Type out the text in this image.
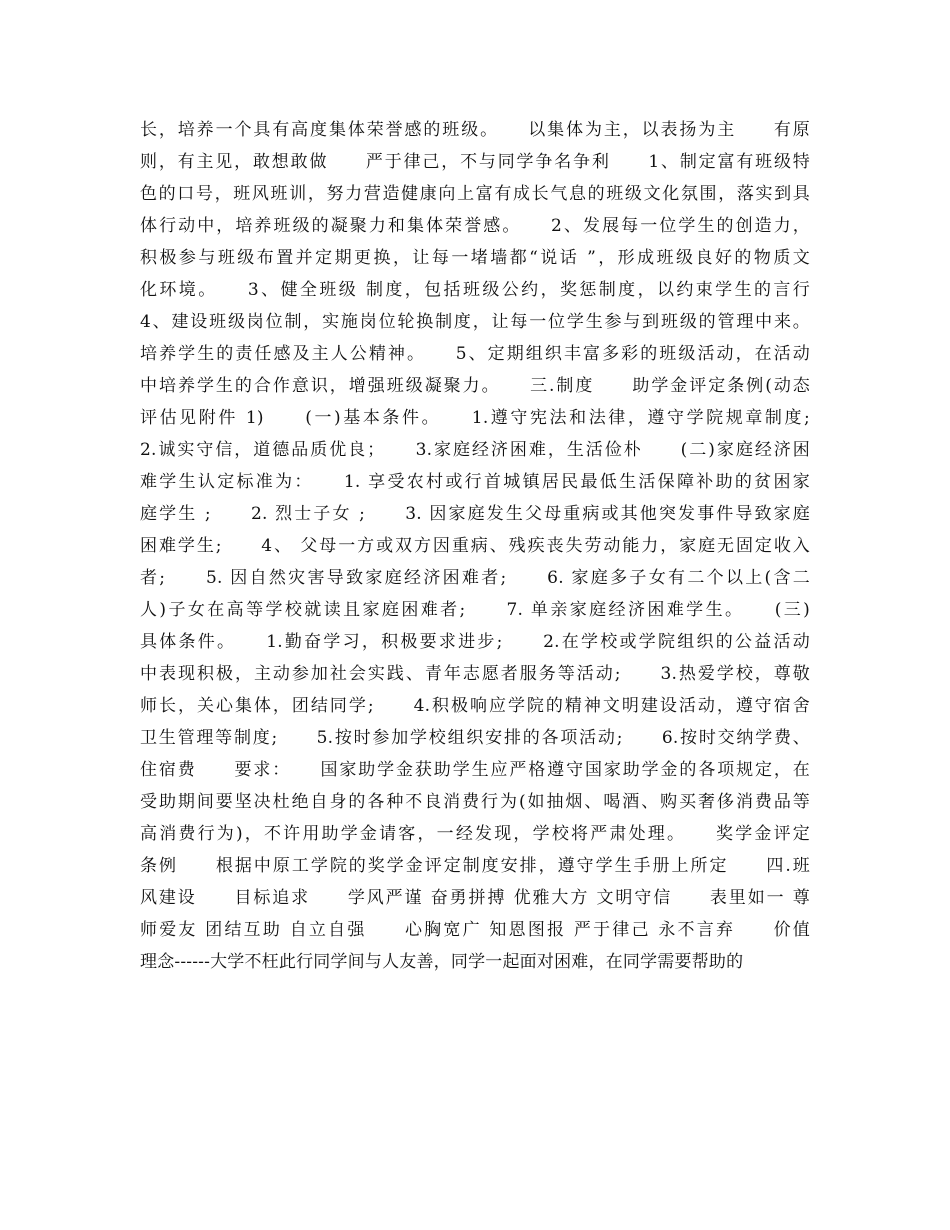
长，培养一个具有高度集体荣誉感的班级。　　以集体为主，以表扬为主　　有原
则，有主见，敢想敢做　　严于律己，不与同学争名争利　　1、制定富有班级特
色的口号，班风班训，努力营造健康向上富有成长气息的班级文化氛围，落实到具
体行动中，培养班级的凝聚力和集体荣誉感。　　2、发展每一位学生的创造力，
积极参与班级布置并定期更换，让每一堵墙都“说话 ”，形成班级良好的物质文
化环境。　　3、健全班级 制度，包括班级公约，奖惩制度，以约束学生的言行
4、建设班级岗位制，实施岗位轮换制度，让每一位学生参与到班级的管理中来。
培养学生的责任感及主人公精神。　　5、定期组织丰富多彩的班级活动，在活动
中培养学生的合作意识，增强班级凝聚力。　　三.制度　　助学金评定条例(动态
评估见附件 1)　　(一)基本条件。　　1.遵守宪法和法律，遵守学院规章制度;
2.诚实守信，道德品质优良；　　3.家庭经济困难，生活俭朴　　(二)家庭经济困
难学生认定标准为：　　1. 享受农村或行首城镇居民最低生活保障补助的贫困家
庭学生 ;　　2. 烈士子女 ;　　3. 因家庭发生父母重病或其他突发事件导致家庭
困难学生;　　4、 父母一方或双方因重病、残疾丧失劳动能力，家庭无固定收入
者;　　5. 因自然灾害导致家庭经济困难者;　　6. 家庭多子女有二个以上(含二
人)子女在高等学校就读且家庭困难者;　　7. 单亲家庭经济困难学生。　　(三)
具体条件。　　1.勤奋学习，积极要求进步;　　2.在学校或学院组织的公益活动
中表现积极，主动参加社会实践、青年志愿者服务等活动;　　3.热爱学校，尊敬
师长，关心集体，团结同学;　　4.积极响应学院的精神文明建设活动，遵守宿舍
卫生管理等制度;　　5.按时参加学校组织安排的各项活动;　　6.按时交纳学费、
住宿费　　要求：　　国家助学金获助学生应严格遵守国家助学金的各项规定，在
受助期间要坚决杜绝自身的各种不良消费行为(如抽烟、喝酒、购买奢侈消费品等
高消费行为)，不许用助学金请客，一经发现，学校将严肃处理。　　奖学金评定
条例　　根据中原工学院的奖学金评定制度安排，遵守学生手册上所定　　四.班
风建设　　目标追求　　学风严谨 奋勇拼搏 优雅大方 文明守信　　表里如一 尊
师爱友 团结互助 自立自强　　心胸宽广 知恩图报 严于律己 永不言弃　　价值
理念------大学不枉此行同学间与人友善，同学一起面对困难，在同学需要帮助的
